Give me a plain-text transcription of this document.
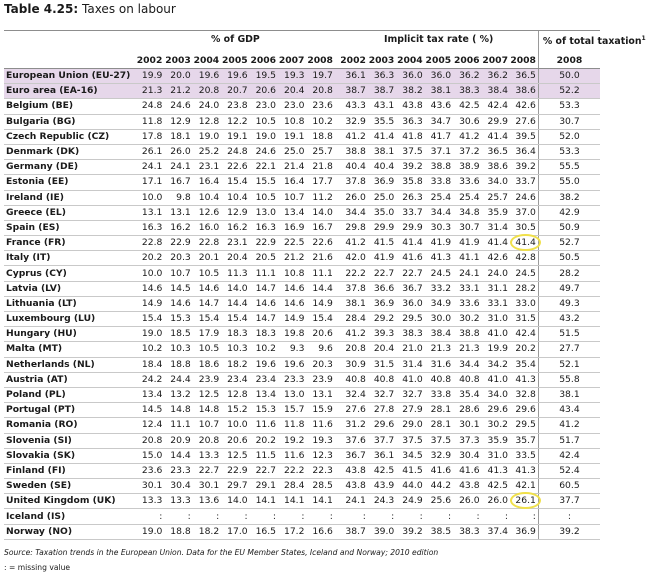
Table 4.25: Taxes on labour
	% of GDP								Implicit tax rate ( %)							% of total taxation$^1$
	2002	2003	2004	2005	2006	2007	2008		2002	2003	2004	2005	2006	2007	2008	2008
European Union (EU-27)	19.9	20.0	19.6	19.6	19.5	19.3	19.7		36.1	36.3	36.0	36.0	36.2	36.2	36.5	50.0
Euro area (EA-16)	21.3	21.2	20.8	20.7	20.6	20.4	20.8		38.7	38.7	38.2	38.1	38.3	38.4	38.6	52.2
Belgium (BE)	24.8	24.6	24.0	23.8	23.0	23.0	23.6		43.3	43.1	43.8	43.6	42.5	42.4	42.6	53.3
Bulgaria (BG)	11.8	12.9	12.8	12.2	10.5	10.8	10.2		32.9	35.5	36.3	34.7	30.6	29.9	27.6	30.7
Czech Republic (CZ)	17.8	18.1	19.0	19.1	19.0	19.1	18.8		41.2	41.4	41.8	41.7	41.2	41.4	39.5	52.0
Denmark (DK)	26.1	26.0	25.2	24.8	24.6	25.0	25.7		38.8	38.1	37.5	37.1	37.2	36.5	36.4	53.3
Germany (DE)	24.1	24.1	23.1	22.6	22.1	21.4	21.8		40.4	40.4	39.2	38.8	38.9	38.6	39.2	55.5
Estonia (EE)	17.1	16.7	16.4	15.4	15.5	16.4	17.7		37.8	36.9	35.8	33.8	33.6	34.0	33.7	55.0
Ireland (IE)	10.0	9.8	10.4	10.4	10.5	10.7	11.2		26.0	25.0	26.3	25.4	25.4	25.7	24.6	38.2
Greece (EL)	13.1	13.1	12.6	12.9	13.0	13.4	14.0		34.4	35.0	33.7	34.4	34.8	35.9	37.0	42.9
Spain (ES)	16.3	16.2	16.0	16.2	16.3	16.9	16.7		29.8	29.9	29.9	30.3	30.7	31.4	30.5	50.9
France (FR)	22.8	22.9	22.8	23.1	22.9	22.5	22.6		41.2	41.5	41.4	41.9	41.9	41.4	41.4	52.7
Italy (IT)	20.2	20.3	20.1	20.4	20.5	21.2	21.6		42.0	41.9	41.6	41.3	41.1	42.6	42.8	50.5
Cyprus (CY)	10.0	10.7	10.5	11.3	11.1	10.8	11.1		22.2	22.7	22.7	24.5	24.1	24.0	24.5	28.2
Latvia (LV)	14.6	14.5	14.6	14.0	14.7	14.6	14.4		37.8	36.6	36.7	33.2	33.1	31.1	28.2	49.7
Lithuania (LT)	14.9	14.6	14.7	14.4	14.6	14.6	14.9		38.1	36.9	36.0	34.9	33.6	33.1	33.0	49.3
Luxembourg (LU)	15.4	15.3	15.4	15.4	14.7	14.9	15.4		28.4	29.2	29.5	30.0	30.2	31.0	31.5	43.2
Hungary (HU)	19.0	18.5	17.9	18.3	18.3	19.8	20.6		41.2	39.3	38.3	38.4	38.8	41.0	42.4	51.5
Malta (MT)	10.2	10.3	10.5	10.3	10.2	9.3	9.6		20.8	20.4	21.0	21.3	21.3	19.9	20.2	27.7
Netherlands (NL)	18.4	18.8	18.6	18.2	19.6	19.6	20.3		30.9	31.5	31.4	31.6	34.4	34.2	35.4	52.1
Austria (AT)	24.2	24.4	23.9	23.4	23.4	23.3	23.9		40.8	40.8	41.0	40.8	40.8	41.0	41.3	55.8
Poland (PL)	13.4	13.2	12.5	12.8	13.4	13.0	13.1		32.4	32.7	32.7	33.8	35.4	34.0	32.8	38.1
Portugal (PT)	14.5	14.8	14.8	15.2	15.3	15.7	15.9		27.6	27.8	27.9	28.1	28.6	29.6	29.6	43.4
Romania (RO)	12.4	11.1	10.7	10.0	11.6	11.8	11.6		31.2	29.6	29.0	28.1	30.1	30.2	29.5	41.2
Slovenia (SI)	20.8	20.9	20.8	20.6	20.2	19.2	19.3		37.6	37.7	37.5	37.5	37.3	35.9	35.7	51.7
Slovakia (SK)	15.0	14.4	13.3	12.5	11.5	11.6	12.3		36.7	36.1	34.5	32.9	30.4	31.0	33.5	42.4
Finland (FI)	23.6	23.3	22.7	22.9	22.7	22.2	22.3		43.8	42.5	41.5	41.6	41.6	41.3	41.3	52.4
Sweden (SE)	30.1	30.4	30.1	29.7	29.1	28.4	28.5		43.8	43.9	44.0	44.2	43.8	42.5	42.1	60.5
United Kingdom (UK)	13.3	13.3	13.6	14.0	14.1	14.1	14.1		24.1	24.3	24.9	25.6	26.0	26.0	26.1	37.7
Iceland (IS)	:	:	:	:	:	:	:		:	:	:	:	:	:	:	:
Norway (NO)	19.0	18.8	18.2	17.0	16.5	17.2	16.6		38.7	39.0	39.2	38.5	38.3	37.4	36.9	39.2
Source: Taxation trends in the European Union. Data for the EU Member States, Iceland and Norway; 2010 edition
: = missing value
